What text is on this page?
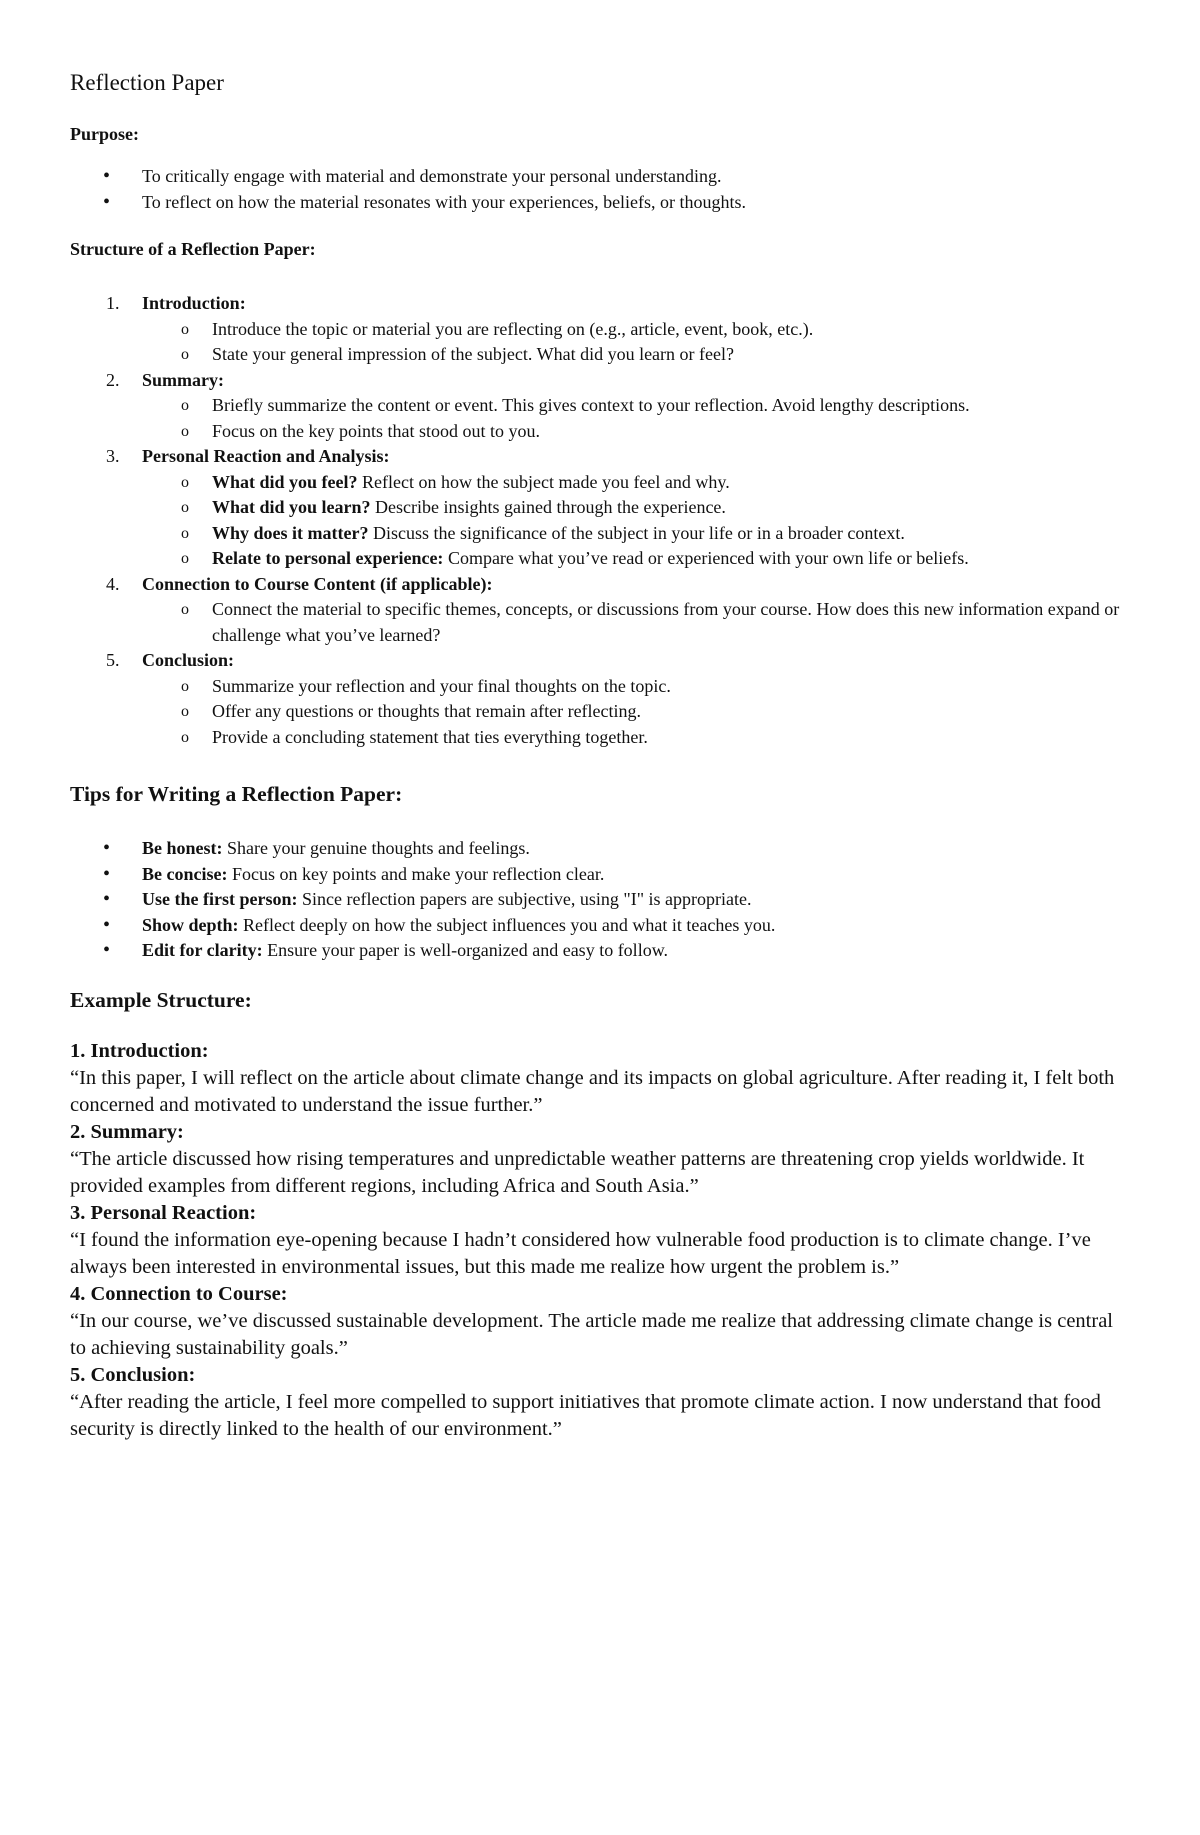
Reflection Paper
Purpose:
• To critically engage with material and demonstrate your personal understanding.
• To reflect on how the material resonates with your experiences, beliefs, or thoughts.
Structure of a Reflection Paper:
1. Introduction:
o Introduce the topic or material you are reflecting on (e.g., article, event, book, etc.).
o State your general impression of the subject. What did you learn or feel?
2. Summary:
o Briefly summarize the content or event. This gives context to your reflection. Avoid lengthy descriptions.
o Focus on the key points that stood out to you.
3. Personal Reaction and Analysis:
o What did you feel? Reflect on how the subject made you feel and why.
o What did you learn? Describe insights gained through the experience.
o Why does it matter? Discuss the significance of the subject in your life or in a broader context.
o Relate to personal experience: Compare what you’ve read or experienced with your own life or beliefs.
4. Connection to Course Content (if applicable):
o Connect the material to specific themes, concepts, or discussions from your course. How does this new information expand or challenge what you’ve learned?
5. Conclusion:
o Summarize your reflection and your final thoughts on the topic.
o Offer any questions or thoughts that remain after reflecting.
o Provide a concluding statement that ties everything together.
Tips for Writing a Reflection Paper:
• Be honest: Share your genuine thoughts and feelings.
• Be concise: Focus on key points and make your reflection clear.
• Use the first person: Since reflection papers are subjective, using "I" is appropriate.
• Show depth: Reflect deeply on how the subject influences you and what it teaches you.
• Edit for clarity: Ensure your paper is well-organized and easy to follow.
Example Structure:
1. Introduction:
“In this paper, I will reflect on the article about climate change and its impacts on global agriculture. After reading it, I felt both concerned and motivated to understand the issue further.”
2. Summary:
“The article discussed how rising temperatures and unpredictable weather patterns are threatening crop yields worldwide. It provided examples from different regions, including Africa and South Asia.”
3. Personal Reaction:
“I found the information eye-opening because I hadn’t considered how vulnerable food production is to climate change. I’ve always been interested in environmental issues, but this made me realize how urgent the problem is.”
4. Connection to Course:
“In our course, we’ve discussed sustainable development. The article made me realize that addressing climate change is central to achieving sustainability goals.”
5. Conclusion:
“After reading the article, I feel more compelled to support initiatives that promote climate action. I now understand that food security is directly linked to the health of our environment.”
